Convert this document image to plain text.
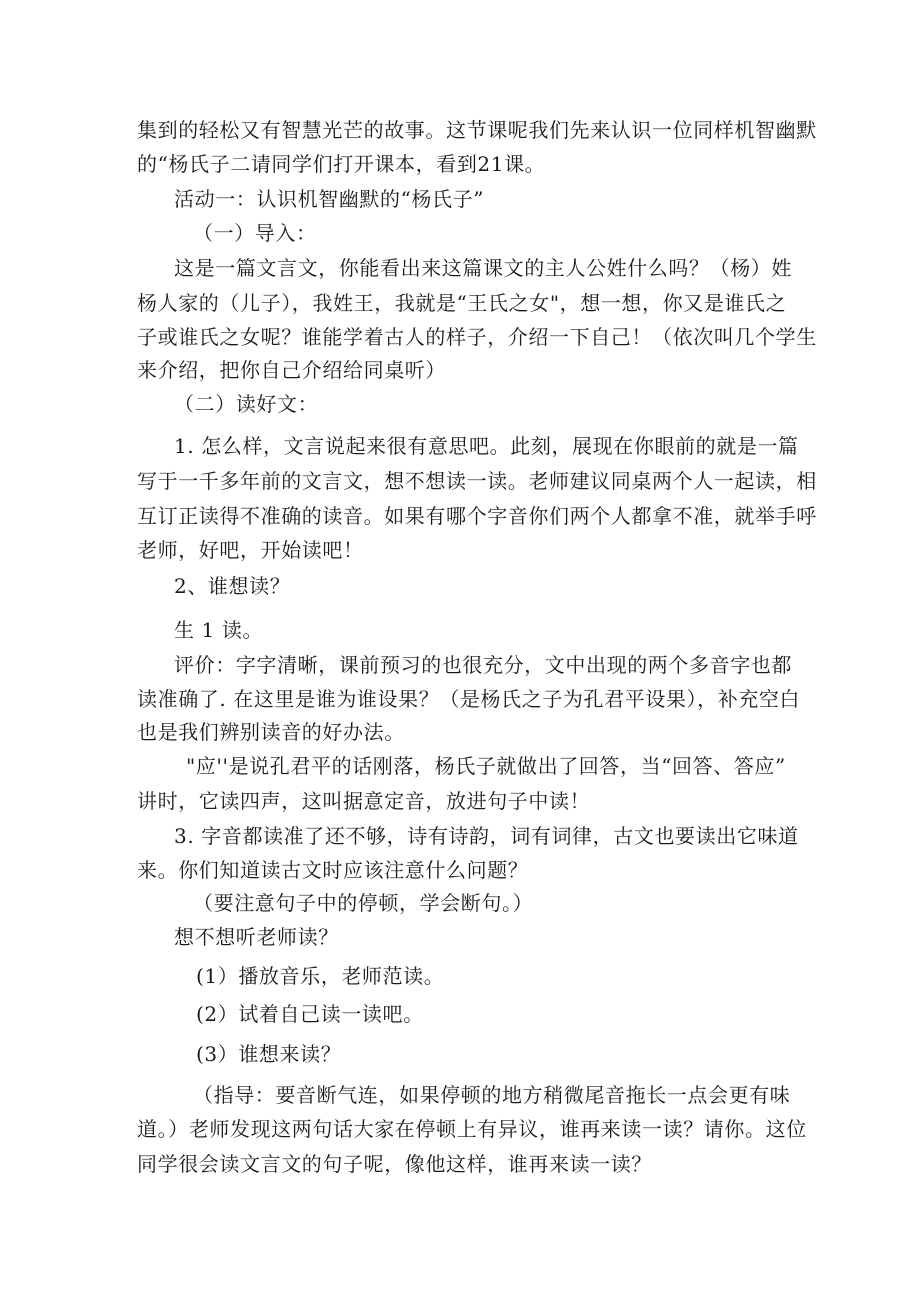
集到的轻松又有智慧光芒的故事。这节课呢我们先来认识一位同样机智幽默
的“杨氏子二请同学们打开课本，看到21课。
活动一：认识机智幽默的“杨氏子”
（一）导入：
这是一篇文言文，你能看出来这篇课文的主人公姓什么吗？（杨）姓
杨人家的（儿子），我姓王，我就是“王氏之女"，想一想，你又是谁氏之
子或谁氏之女呢？谁能学着古人的样子，介绍一下自己！（依次叫几个学生
来介绍，把你自己介绍给同桌听）
（二）读好文：
1. 怎么样，文言说起来很有意思吧。此刻，展现在你眼前的就是一篇
写于一千多年前的文言文，想不想读一读。老师建议同桌两个人一起读，相
互订正读得不准确的读音。如果有哪个字音你们两个人都拿不准，就举手呼
老师，好吧，开始读吧！
2、谁想读？
生 1 读。
评价：字字清晰，课前预习的也很充分，文中出现的两个多音字也都
读准确了. 在这里是谁为谁设果？（是杨氏之子为孔君平设果），补充空白
也是我们辨别读音的好办法。
"应''是说孔君平的话刚落，杨氏子就做出了回答，当“回答、答应”
讲时，它读四声，这叫据意定音，放进句子中读！
3. 字音都读准了还不够，诗有诗韵，词有词律，古文也要读出它味道
来。你们知道读古文时应该注意什么问题？
（要注意句子中的停顿，学会断句。）
想不想听老师读？
(1）播放音乐，老师范读。
(2）试着自己读一读吧。
(3）谁想来读？
（指导：要音断气连，如果停顿的地方稍微尾音拖长一点会更有味
道。）老师发现这两句话大家在停顿上有异议，谁再来读一读？请你。这位
同学很会读文言文的句子呢，像他这样，谁再来读一读？
